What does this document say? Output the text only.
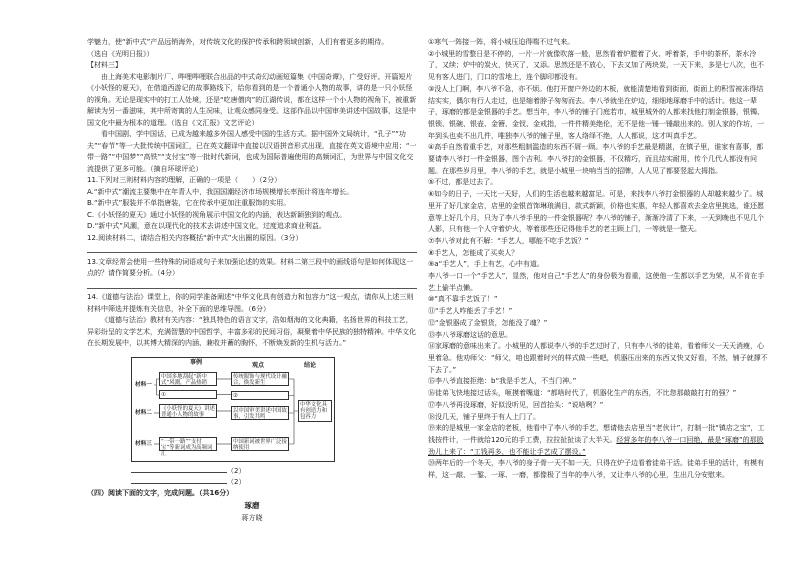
学魅力，使“新中式”产品远销海外，对传统文化的保护传承和跨领域创新，人们有着更多的期待。

（选自《光明日报》）

【材料三】

由上海美术电影制片厂、哔哩哔哩联合出品的中式奇幻动画短篇集《中国奇谭》，广受好评。开篇短片《小妖怪的夏天》，在借道西游记的故事路线下，给你看到的是一个普通小人物的故事，讲的是一只小妖怪的视角。无论是现实中的打工人处境，还是“吃唐僧肉”的江湖传说，都在这样一个小人物的视角下，被重新解读为另一番滋味，其中所寄寓的人生况味，让观众感同身受。这部作品以中国审美讲述中国故事，这是中国文化中最为根本的道理。（选自《文汇报》文艺评论）

看中国剧、学中国话，已成为越来越多外国人感受中国的生活方式。据中国外文局统计，“孔子”“功夫”“春节”等一大批传统中国词汇，已在英文翻译中直接以汉语拼音形式出现，直接在英文语境中应用；“一带一路”“中国梦”“高铁”“支付宝”等一批时代新词，也成为国际普遍使用的高频词汇，为世界与中国文化交流提供了更多可能。（摘自环球评论）

11.下列对三则材料内容的理解，正确的一项是（　　）（2分）

A.“新中式”潮流主要集中在年青人中，我国国潮经济市场规模增长率预计将连年增长。

B.“新中式”服装并不单指唐装，它在传承中更加注重服饰的实用。

C.《小妖怪的夏天》通过小妖怪的视角展示中国文化的内涵，表达新颖独到的观点。

D.“新中式”风潮，意在以现代化的技术去讲述中国文化，过度追求商业利益。

12.阅读材料二，请结合相关内容概括“新中式”火出圈的原因。（3分）

13.文章经常会使用一些特殊的词语或句子来加强论述的效果。材料二第三段中的画线语句是如何体现这一点的？请作简要分析。（4分）

14.《道德与法治》课堂上，你的同学准备阐述“中华文化具有创造力和包容力”这一观点，请你从上述三则材料中筛选并提炼有关信息，补全下面的思维导图。（6分）

《道德与法治》教材有关内容：“独具特色的语言文字，浩如烟海的文化典籍，名扬世界的科技工艺，异彩纷呈的文学艺术，充满智慧的中国哲学，丰富多彩的民间习俗，凝聚着中华民族的独特精神。中华文化在长期发展中，以其博大精深的内涵、兼收并蓄的胸怀，不断焕发新的生机与活力。”

事例	观点	结论
材料一
材料二
材料三
中国多地刮起“新中式”风潮，产品热销
①
《小妖怪的夏天》讲述普通小人物的故事
“一带一路”“支付宝”等新词成为高频词汇
传统服饰与现代设计融合，焕发新生
②
以中国审美讲述中国故事，引发共鸣
中国新词被世界广泛接纳使用
中华文化具有创造力和包容力
（2）
（2）
（四）阅读下面的文字，完成问题。（共16分）
琢磨
蒋方晓

①寒气一阵接一阵，将小城压迫得喘不过气来。

②小城里的雪整日是不停的，一片一片就像吹落一般，思然看着炉膛着了火、呼着茶，手中的茶杯，茶水冷了，又续；炉中的炭火，快灭了，又添。思然还是不放心，下去又加了两块炭，一天下来，多是七八次，也不见有客人进门，门口的雪地上，连个脚印都没有。

③没人上门啊，李八爷不急，亦不烦。他打开窗户外边的木板，就能清楚地看到街面，街面上的积雪被冻得结结实实，偶尔有行人走过，也是缩着脖子匆匆而去。李八爷就坐在炉边，细细地琢磨手中的活计。他这一辈子，琢磨的都是金银器的手艺。想当年，李八爷的铺子门庭若市，城里城外的人都来找他打制金银器，银镯、银锁、银碗、银壶、金簪、金钗、金戒指，一件件精美绝伦，无不是他一锤一锤敲出来的。别人家的作坊，一年到头也卖不出几件，唯独李八爷的铺子里，客人络绎不绝，人人都说，这才叫真手艺。

④高手自然看重手艺，对那些粗制滥造的东西不屑一顾。李八爷的手艺最是精湛，在镇子里，谁家有喜事，都要请李八爷打一件金银器，图个吉利。李八爷打的金银器，不仅精巧，而且结实耐用，传个几代人都没有问题。在那些岁月里，李八爷的手艺，就是小城里一块响当当的招牌，人人见了都要竖起大拇指。

⑤不过，都是过去了。

⑥如今的日子，一天比一天好，人们的生活也越来越富足。可是，来找李八爷打金银器的人却越来越少了。城里开了好几家金店，店里的金银首饰琳琅满目，款式新颖，价格也实惠，年轻人都喜欢去金店里挑选，谁还愿意等上好几个月，只为了李八爷手里的一件金银器呢？李八爷的铺子，渐渐冷清了下来，一天到晚也不见几个人影，只有他一个人守着炉火，等着那些还记得他手艺的老主顾上门，一等就是一整天。

⑦李八爷对此有不解：“手艺人，哪能不吃手艺饭？”

⑧手艺人，怎能成了买卖人？

⑨a“手艺人”，手上有艺，心中有道。

李八爷一口一个“手艺人”，显然，他对自己“手艺人”的身份极为看重，这使他一生都以手艺为荣，从不肯在手艺上偷半点懒。

⑩“真不靠手艺饭了！”

⑪“手艺人咋能丢了手艺！”

⑫“金银器成了金银货，怎能没了魂？”

⑬李八爷琢磨这话的意思。

⑭家琢磨的意味出来了。小城里的人都说李八爷的手艺过时了，只有李八爷的徒弟，看着师父一天天消瘦，心里着急。他劝师父：“师父，咱也跟着时兴的样式做一些吧，机器压出来的东西又快又好看，不然，铺子就撑不下去了。”

⑮李八爷直接拒绝：b“我是手艺人，不当门神。”

⑯徒弟飞快地接过话头，咂摸着嘴道：“都啥时代了，机器化生产的东西，不比您那敲敲打打的强？”

⑰李八爷再没琢磨，好似没听见，回首抬头：“说啥咧？”

⑱没几天，铺子里终于有人上门了。

⑲来的是城里一家金店的老板，他看中了李八爷的手艺，想请他去店里当“老伙计”，打制一批“镇店之宝”，工钱按件计，一件就给120元的手工费，拉拉扯扯谈了大半天。经营多年的李八爷一口回绝，最是“琢磨”的那股劲儿上来了：“工钱再多，也不能让手艺成了摆设。”

⑳两年后的一个冬天，李八爷的身子骨一天不如一天，只得在炉子边看着徒弟干活。徒弟手里的活计，有模有样，这一敲、一錾、一琢、一磨，都像极了当年的李八爷，又让李八爷的心里，生出几分安慰来。
